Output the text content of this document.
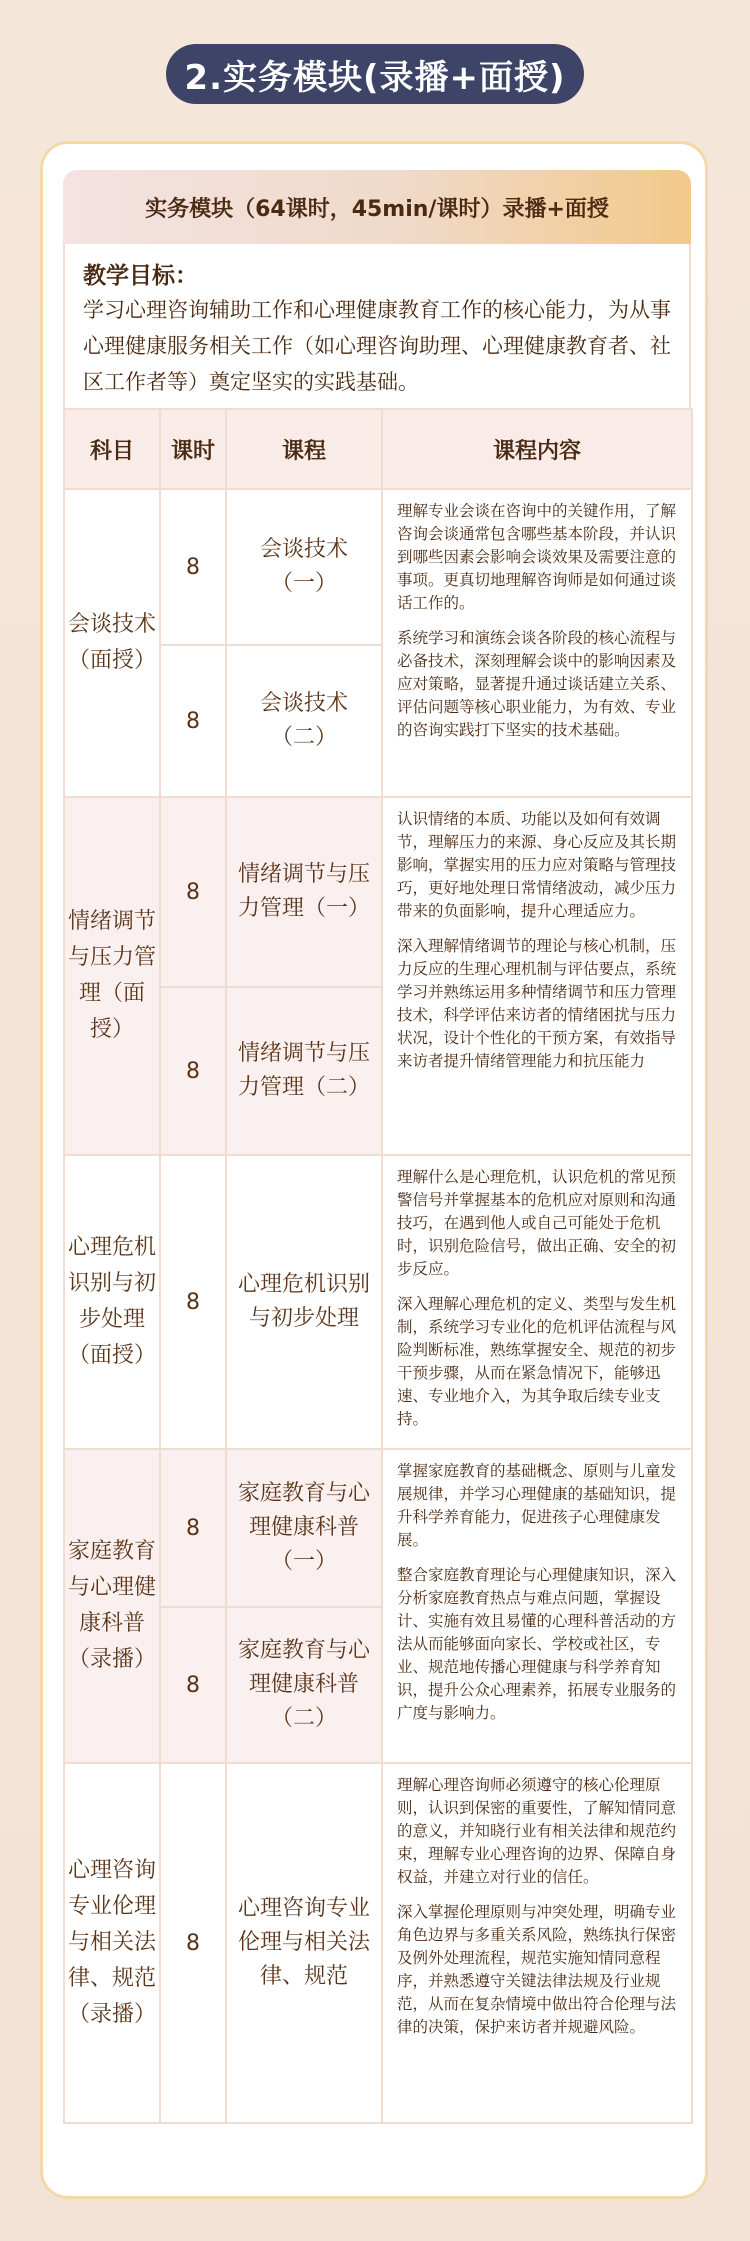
2.实务模块(录播+面授)
实务模块（64课时，45min/课时）录播+面授
教学目标：
学习心理咨询辅助工作和心理健康教育工作的核心能力，为从事心理健康服务相关工作（如心理咨询助理、心理健康教育者、社区工作者等）奠定坚实的实践基础。
科目	课时	课程	课程内容
会谈技术（面授）	8	会谈技术（一）	理解专业会谈在咨询中的关键作用，了解咨询会谈通常包含哪些基本阶段，并认识到哪些因素会影响会谈效果及需要注意的事项。更真切地理解咨询师是如何通过谈话工作的。

系统学习和演练会谈各阶段的核心流程与必备技术，深刻理解会谈中的影响因素及应对策略，显著提升通过谈话建立关系、评估问题等核心职业能力，为有效、专业的咨询实践打下坚实的技术基础。

	8	会谈技术（二）	
情绪调节与压力管理（面授）	8	情绪调节与压力管理（一）	认识情绪的本质、功能以及如何有效调节，理解压力的来源、身心反应及其长期影响，掌握实用的压力应对策略与管理技巧，更好地处理日常情绪波动，减少压力带来的负面影响，提升心理适应力。

深入理解情绪调节的理论与核心机制，压力反应的生理心理机制与评估要点，系统学习并熟练运用多种情绪调节和压力管理技术，科学评估来访者的情绪困扰与压力状况，设计个性化的干预方案，有效指导来访者提升情绪管理能力和抗压能力

	8	情绪调节与压力管理（二）	
心理危机识别与初步处理（面授）	8	心理危机识别与初步处理	理解什么是心理危机，认识危机的常见预警信号并掌握基本的危机应对原则和沟通技巧，在遇到他人或自己可能处于危机时，识别危险信号，做出正确、安全的初步反应。

深入理解心理危机的定义、类型与发生机制，系统学习专业化的危机评估流程与风险判断标准，熟练掌握安全、规范的初步干预步骤，从而在紧急情况下，能够迅速、专业地介入，为其争取后续专业支持。

家庭教育与心理健康科普（录播）	8	家庭教育与心理健康科普（一）	掌握家庭教育的基础概念、原则与儿童发展规律，并学习心理健康的基础知识，提升科学养育能力，促进孩子心理健康发展。

整合家庭教育理论与心理健康知识，深入分析家庭教育热点与难点问题，掌握设计、实施有效且易懂的心理科普活动的方法从而能够面向家长、学校或社区，专业、规范地传播心理健康与科学养育知识，提升公众心理素养，拓展专业服务的广度与影响力。

	8	家庭教育与心理健康科普（二）	
心理咨询专业伦理与相关法律、规范（录播）	8	心理咨询专业伦理与相关法律、规范	理解心理咨询师必须遵守的核心伦理原则，认识到保密的重要性，了解知情同意的意义，并知晓行业有相关法律和规范约束，理解专业心理咨询的边界、保障自身权益，并建立对行业的信任。

深入掌握伦理原则与冲突处理，明确专业角色边界与多重关系风险，熟练执行保密及例外处理流程，规范实施知情同意程序，并熟悉遵守关键法律法规及行业规范，从而在复杂情境中做出符合伦理与法律的决策，保护来访者并规避风险。
